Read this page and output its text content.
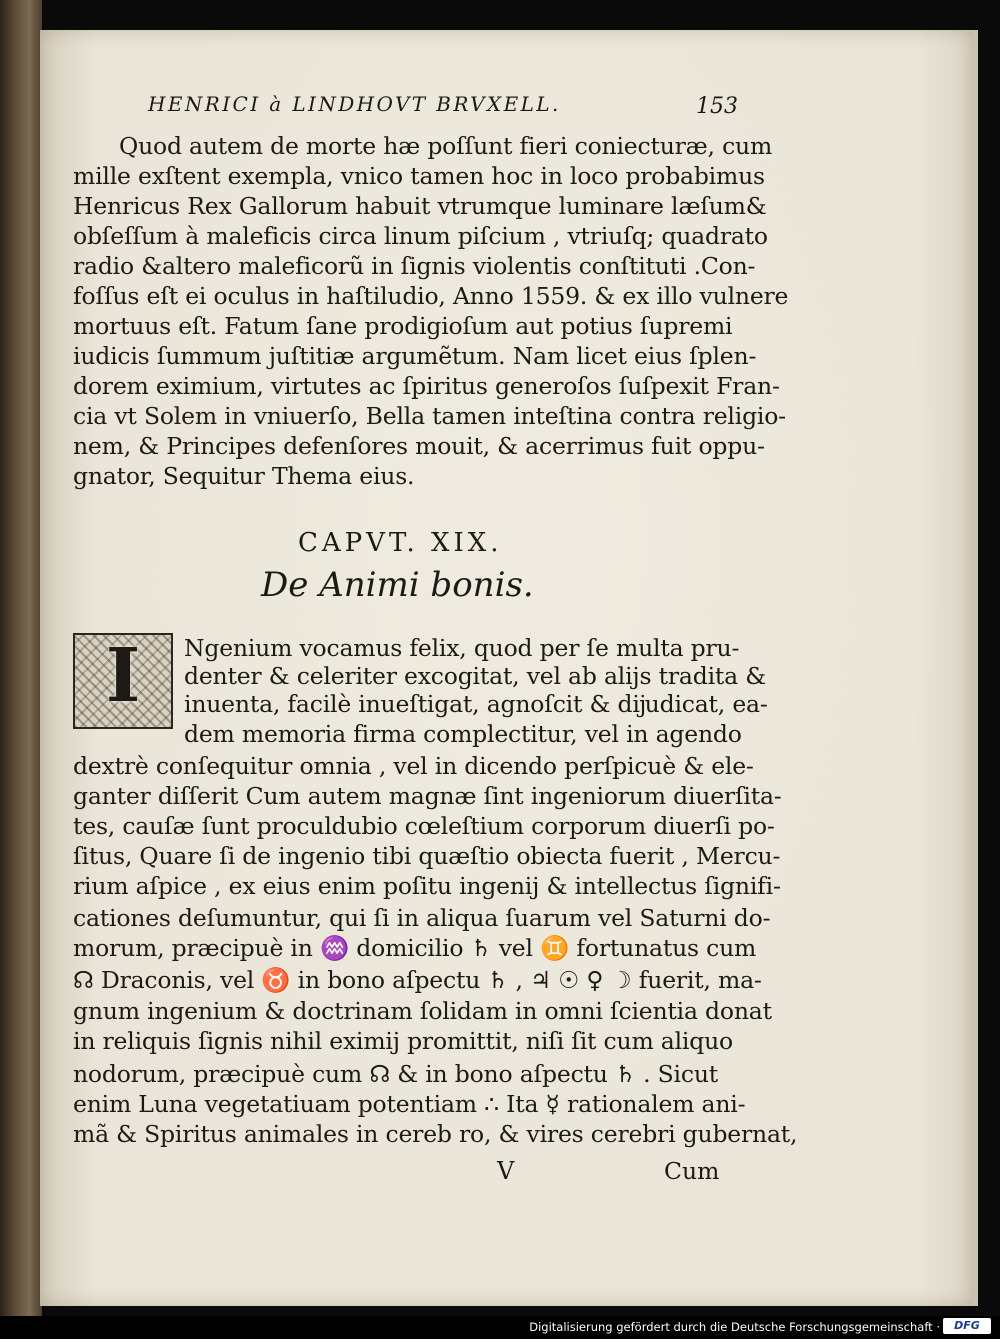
HENRICI à LINDHOVT BRVXELL.	153

Quod autem de morte hæ poſſunt fieri coniecturæ, cum

mille exſtent exempla, vnico tamen hoc in loco probabimus

Henricus Rex Gallorum habuit vtrumque luminare læſum&

obſeſſum à maleficis circa linum piſcium , vtriuſq; quadrato

radio &altero maleficorũ in ſignis violentis conſtituti .Con-

foſſus eſt ei oculus in haſtiludio, Anno 1559. & ex illo vulnere

mortuus eſt. Fatum ſane prodigioſum aut potius ſupremi

iudicis ſummum juſtitiæ argumẽtum. Nam licet eius ſplen-

dorem eximium, virtutes ac ſpiritus generoſos ſuſpexit Fran-

cia vt Solem in vniuerſo, Bella tamen inteſtina contra religio-

nem, & Principes defenſores mouit, & acerrimus fuit oppu-

gnator, Sequitur Thema eius.

CAPVT. XIX.

De Animi bonis.

I	Ngenium vocamus felix, quod per ſe multa pru-

denter & celeriter excogitat, vel ab alijs tradita &

inuenta, facilè inueſtigat, agnoſcit & dĳudicat, ea-

dem memoria firma complectitur, vel in agendo

dextrè conſequitur omnia , vel in dicendo perſpicuè & ele-

ganter diſſerit Cum autem magnæ ſint ingeniorum diuerſita-

tes, cauſæ ſunt proculdubio cœleſtium corporum diuerſi po-

ſitus, Quare ſi de ingenio tibi quæſtio obiecta fuerit , Mercu-

rium aſpice , ex eius enim poſitu ingenij & intellectus ſignifi-

cationes deſumuntur, qui ſi in aliqua ſuarum vel Saturni do-

morum, præcipuè in ♒ domicilio ♄ vel ♊ fortunatus cum

☊ Draconis, vel ♉ in bono aſpectu ♄ , ♃ ☉ ♀ ☽ fuerit, ma-

gnum ingenium & doctrinam ſolidam in omni ſcientia donat

in reliquis ſignis nihil eximij promittit, niſi ſit cum aliquo

nodorum, præcipuè cum ☊ & in bono aſpectu ♄ . Sicut

enim Luna vegetatiuam potentiam ∴ Ita ☿ rationalem ani-

mã & Spiritus animales in cereb ro, & vires cerebri gubernat,

V	Cum

Digitalisierung gefördert durch die Deutsche Forschungsgemeinschaft ·	DFG
